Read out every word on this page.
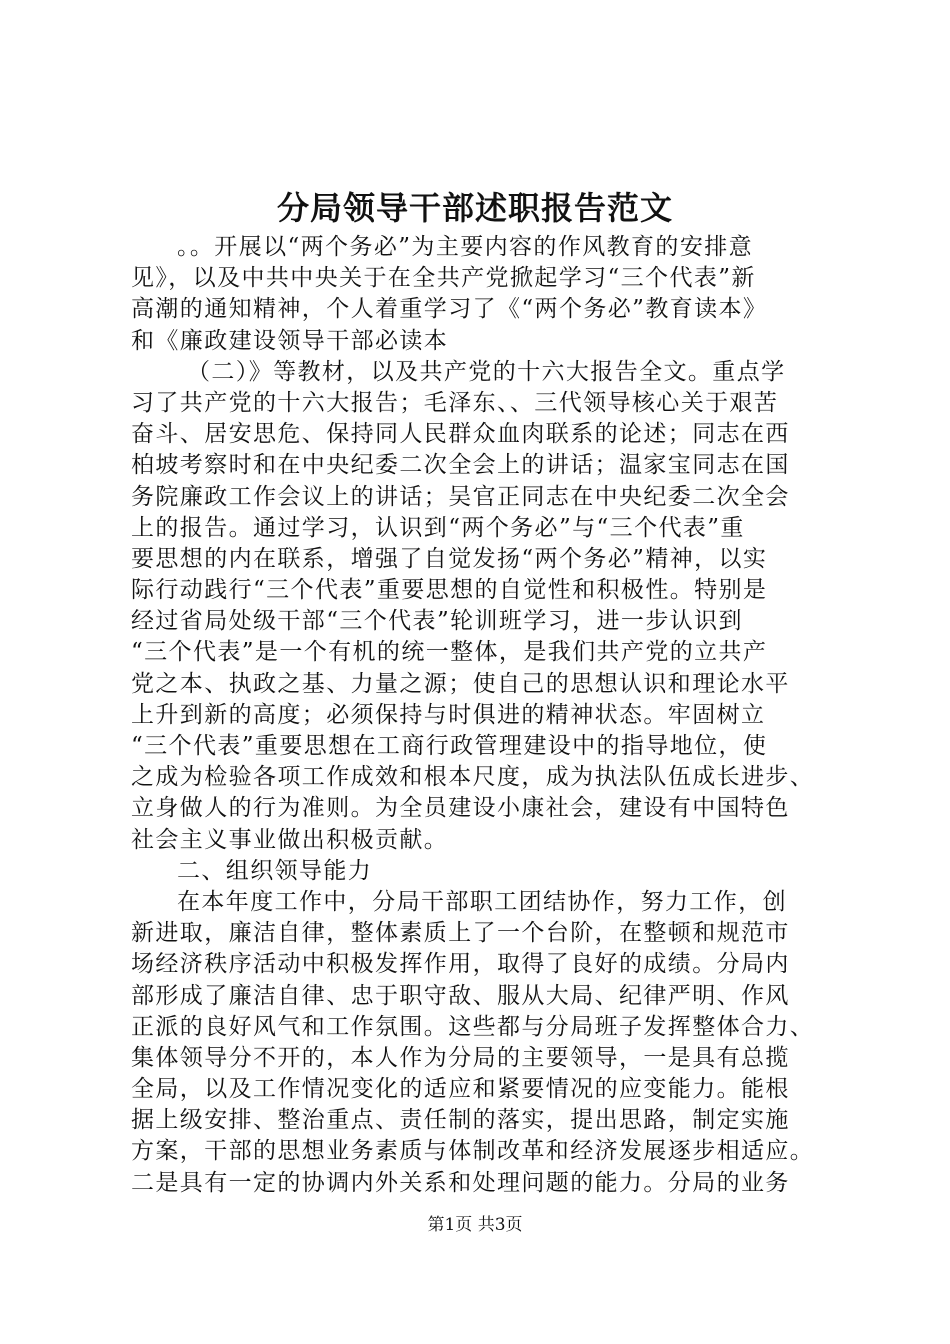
分局领导干部述职报告范文
。。开展以“两个务必”为主要内容的作风教育的安排意
见》，以及中共中央关于在全共产党掀起学习“三个代表”新
高潮的通知精神，个人着重学习了《“两个务必”教育读本》
和《廉政建设领导干部必读本
（二）》等教材，以及共产党的十六大报告全文。重点学
习了共产党的十六大报告；毛泽东、、三代领导核心关于艰苦
奋斗、居安思危、保持同人民群众血肉联系的论述；同志在西
柏坡考察时和在中央纪委二次全会上的讲话；温家宝同志在国
务院廉政工作会议上的讲话；吴官正同志在中央纪委二次全会
上的报告。通过学习，认识到“两个务必”与“三个代表”重
要思想的内在联系，增强了自觉发扬“两个务必”精神，以实
际行动践行“三个代表”重要思想的自觉性和积极性。特别是
经过省局处级干部“三个代表”轮训班学习，进一步认识到
“三个代表”是一个有机的统一整体，是我们共产党的立共产
党之本、执政之基、力量之源；使自己的思想认识和理论水平
上升到新的高度；必须保持与时俱进的精神状态。牢固树立
“三个代表”重要思想在工商行政管理建设中的指导地位，使
之成为检验各项工作成效和根本尺度，成为执法队伍成长进步、
立身做人的行为准则。为全员建设小康社会，建设有中国特色
社会主义事业做出积极贡献。
二、组织领导能力
在本年度工作中，分局干部职工团结协作，努力工作，创
新进取，廉洁自律，整体素质上了一个台阶，在整顿和规范市
场经济秩序活动中积极发挥作用，取得了良好的成绩。分局内
部形成了廉洁自律、忠于职守敌、服从大局、纪律严明、作风
正派的良好风气和工作氛围。这些都与分局班子发挥整体合力、
集体领导分不开的，本人作为分局的主要领导，一是具有总揽
全局，以及工作情况变化的适应和紧要情况的应变能力。能根
据上级安排、整治重点、责任制的落实，提出思路，制定实施
方案，干部的思想业务素质与体制改革和经济发展逐步相适应。
二是具有一定的协调内外关系和处理问题的能力。分局的业务
第1页 共3页
